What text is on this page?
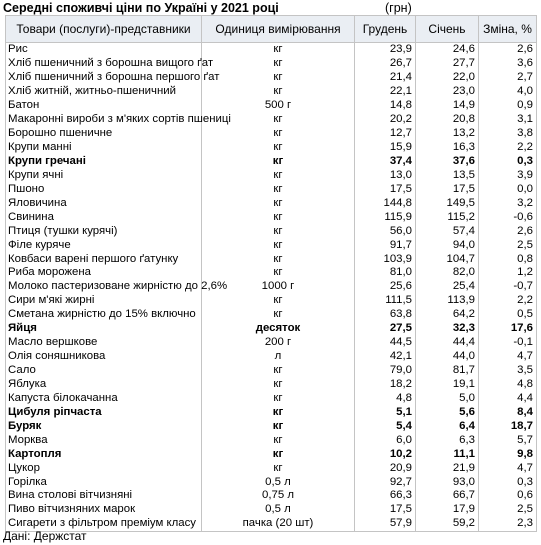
Середні споживчі ціни по Україні у 2021 році	(грн)
Товари (послуги)-представники	Одиниця вимірювання	Грудень	Січень	Зміна, %
Рис	кг	23,9	24,6	2,6
Хліб пшеничний з борошна вищого ґат	кг	26,7	27,7	3,6
Хліб пшеничний з борошна першого ґат	кг	21,4	22,0	2,7
Хліб житній, житньо-пшеничний	кг	22,1	23,0	4,0
Батон	500 г	14,8	14,9	0,9
Макаронні вироби з м'яких сортів пшениці	кг	20,2	20,8	3,1
Борошно пшеничне	кг	12,7	13,2	3,8
Крупи манні	кг	15,9	16,3	2,2
Крупи гречані	кг	37,4	37,6	0,3
Крупи ячні	кг	13,0	13,5	3,9
Пшоно	кг	17,5	17,5	0,0
Яловичина	кг	144,8	149,5	3,2
Свинина	кг	115,9	115,2	-0,6
Птиця (тушки курячі)	кг	56,0	57,4	2,6
Філе куряче	кг	91,7	94,0	2,5
Ковбаси варені першого ґатунку	кг	103,9	104,7	0,8
Риба морожена	кг	81,0	82,0	1,2
Молоко пастеризоване жирністю до 2,6%	1000 г	25,6	25,4	-0,7
Сири м'які жирні	кг	111,5	113,9	2,2
Сметана жирністю до 15% включно	кг	63,8	64,2	0,5
Яйця	десяток	27,5	32,3	17,6
Масло вершкове	200 г	44,5	44,4	-0,1
Олія соняшникова	л	42,1	44,0	4,7
Сало	кг	79,0	81,7	3,5
Яблука	кг	18,2	19,1	4,8
Капуста білокачанна	кг	4,8	5,0	4,4
Цибуля ріпчаста	кг	5,1	5,6	8,4
Буряк	кг	5,4	6,4	18,7
Морква	кг	6,0	6,3	5,7
Картопля	кг	10,2	11,1	9,8
Цукор	кг	20,9	21,9	4,7
Горілка	0,5 л	92,7	93,0	0,3
Вина столові вітчизняні	0,75 л	66,3	66,7	0,6
Пиво вітчизняних марок	0,5 л	17,5	17,9	2,5
Сигарети з фільтром преміум класу	пачка (20 шт)	57,9	59,2	2,3
Дані: Держстат
